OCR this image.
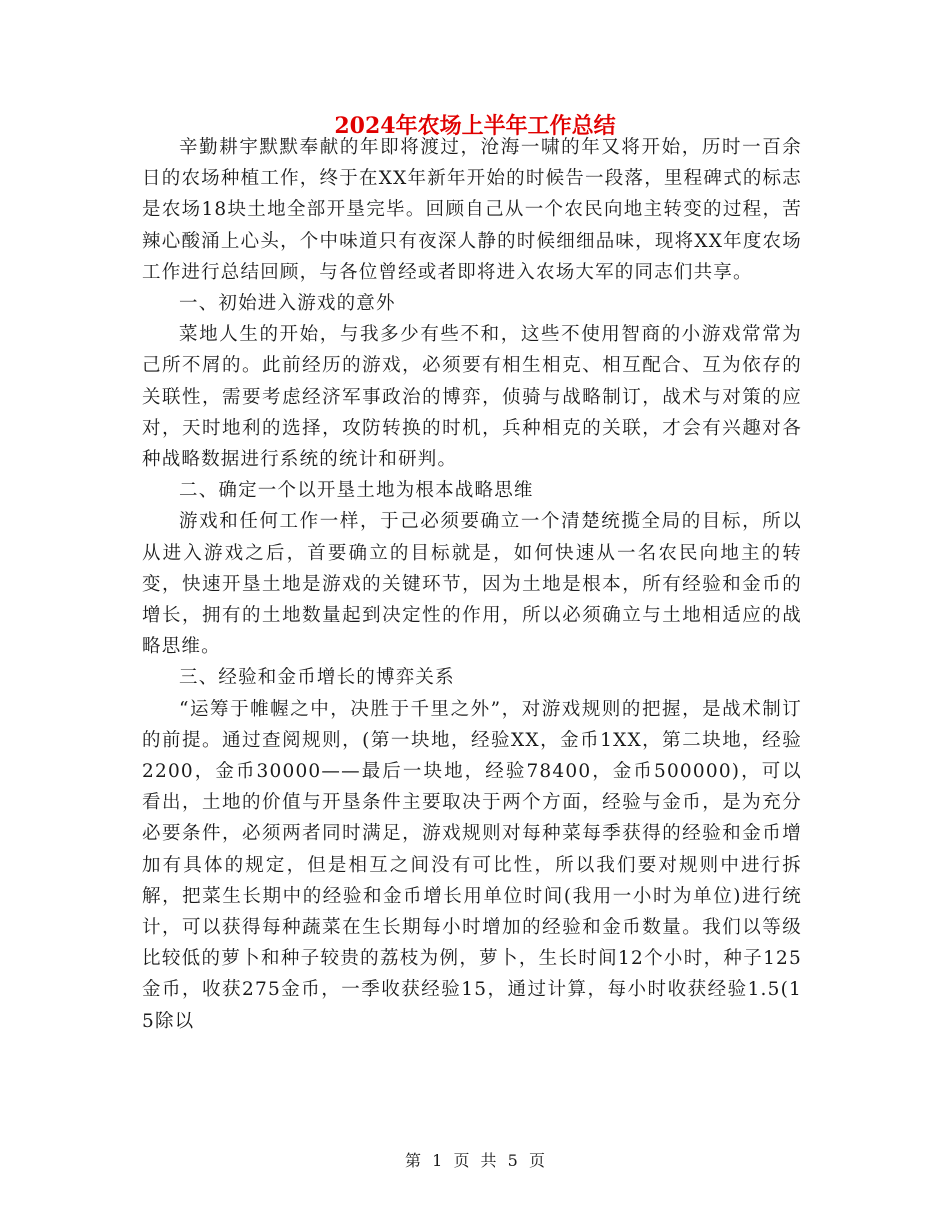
2024年农场上半年工作总结

辛勤耕宇默默奉献的年即将渡过，沧海一啸的年又将开始，历时一百余日的农场种植工作，终于在XX年新年开始的时候告一段落，里程碑式的标志是农场18块土地全部开垦完毕。回顾自己从一个农民向地主转变的过程，苦辣心酸涌上心头，个中味道只有夜深人静的时候细细品味，现将XX年度农场工作进行总结回顾，与各位曾经或者即将进入农场大军的同志们共享。

一、初始进入游戏的意外

菜地人生的开始，与我多少有些不和，这些不使用智商的小游戏常常为己所不屑的。此前经历的游戏，必须要有相生相克、相互配合、互为依存的关联性，需要考虑经济军事政治的博弈，侦骑与战略制订，战术与对策的应对，天时地利的选择，攻防转换的时机，兵种相克的关联，才会有兴趣对各种战略数据进行系统的统计和研判。

二、确定一个以开垦土地为根本战略思维

游戏和任何工作一样，于己必须要确立一个清楚统揽全局的目标，所以从进入游戏之后，首要确立的目标就是，如何快速从一名农民向地主的转变，快速开垦土地是游戏的关键环节，因为土地是根本，所有经验和金币的增长，拥有的土地数量起到决定性的作用，所以必须确立与土地相适应的战略思维。

三、经验和金币增长的博弈关系

“运筹于帷幄之中，决胜于千里之外”，对游戏规则的把握，是战术制订的前提。通过查阅规则，(第一块地，经验XX，金币1XX，第二块地，经验2200，金币30000——最后一块地，经验78400，金币500000)，可以看出，土地的价值与开垦条件主要取决于两个方面，经验与金币，是为充分必要条件，必须两者同时满足，游戏规则对每种菜每季获得的经验和金币增加有具体的规定，但是相互之间没有可比性，所以我们要对规则中进行拆解，把菜生长期中的经验和金币增长用单位时间(我用一小时为单位)进行统计，可以获得每种蔬菜在生长期每小时增加的经验和金币数量。我们以等级比较低的萝卜和种子较贵的荔枝为例，萝卜，生长时间12个小时，种子125金币，收获275金币，一季收获经验15，通过计算，每小时收获经验1.5(15除以

第 1 页 共 5 页
